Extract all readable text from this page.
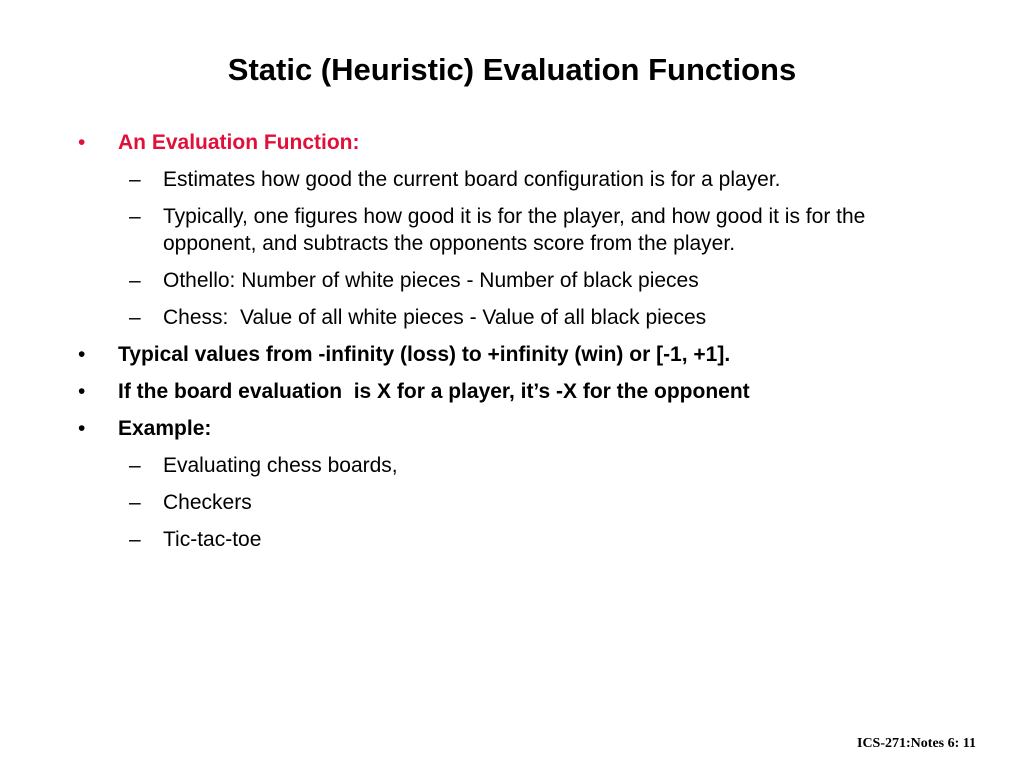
Static (Heuristic) Evaluation Functions
• An Evaluation Function:
– Estimates how good the current board configuration is for a player.
– Typically, one figures how good it is for the player, and how good it is for the opponent, and subtracts the opponents score from the player.
– Othello: Number of white pieces - Number of black pieces
– Chess:  Value of all white pieces - Value of all black pieces
• Typical values from -infinity (loss) to +infinity (win) or [-1, +1].
• If the board evaluation  is X for a player, it’s -X for the opponent
• Example:
– Evaluating chess boards,
– Checkers
– Tic-tac-toe
ICS-271:Notes 6: 11
